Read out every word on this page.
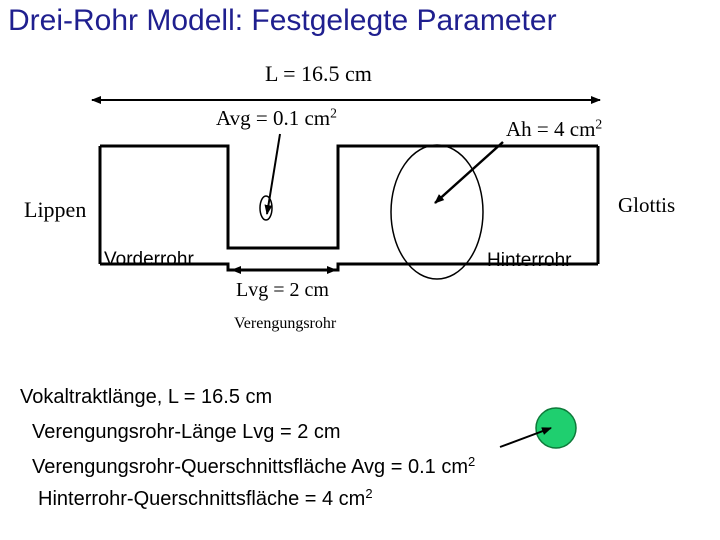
Drei-Rohr Modell: Festgelegte Parameter
L = 16.5 cm
Avg = 0.1 $cm^2$
Ah = 4 $cm^2$
Lippen	Glottis
Vorderrohr	Hinterrohr
Lvg = 2 cm
Verengungsrohr
Vokaltraktlänge, L = 16.5 cm
Verengungsrohr-Länge Lvg = 2 cm
Verengungsrohr-Querschnittsfläche Avg = 0.1 $cm^2$
Hinterrohr-Querschnittsfläche = 4 $cm^2$
